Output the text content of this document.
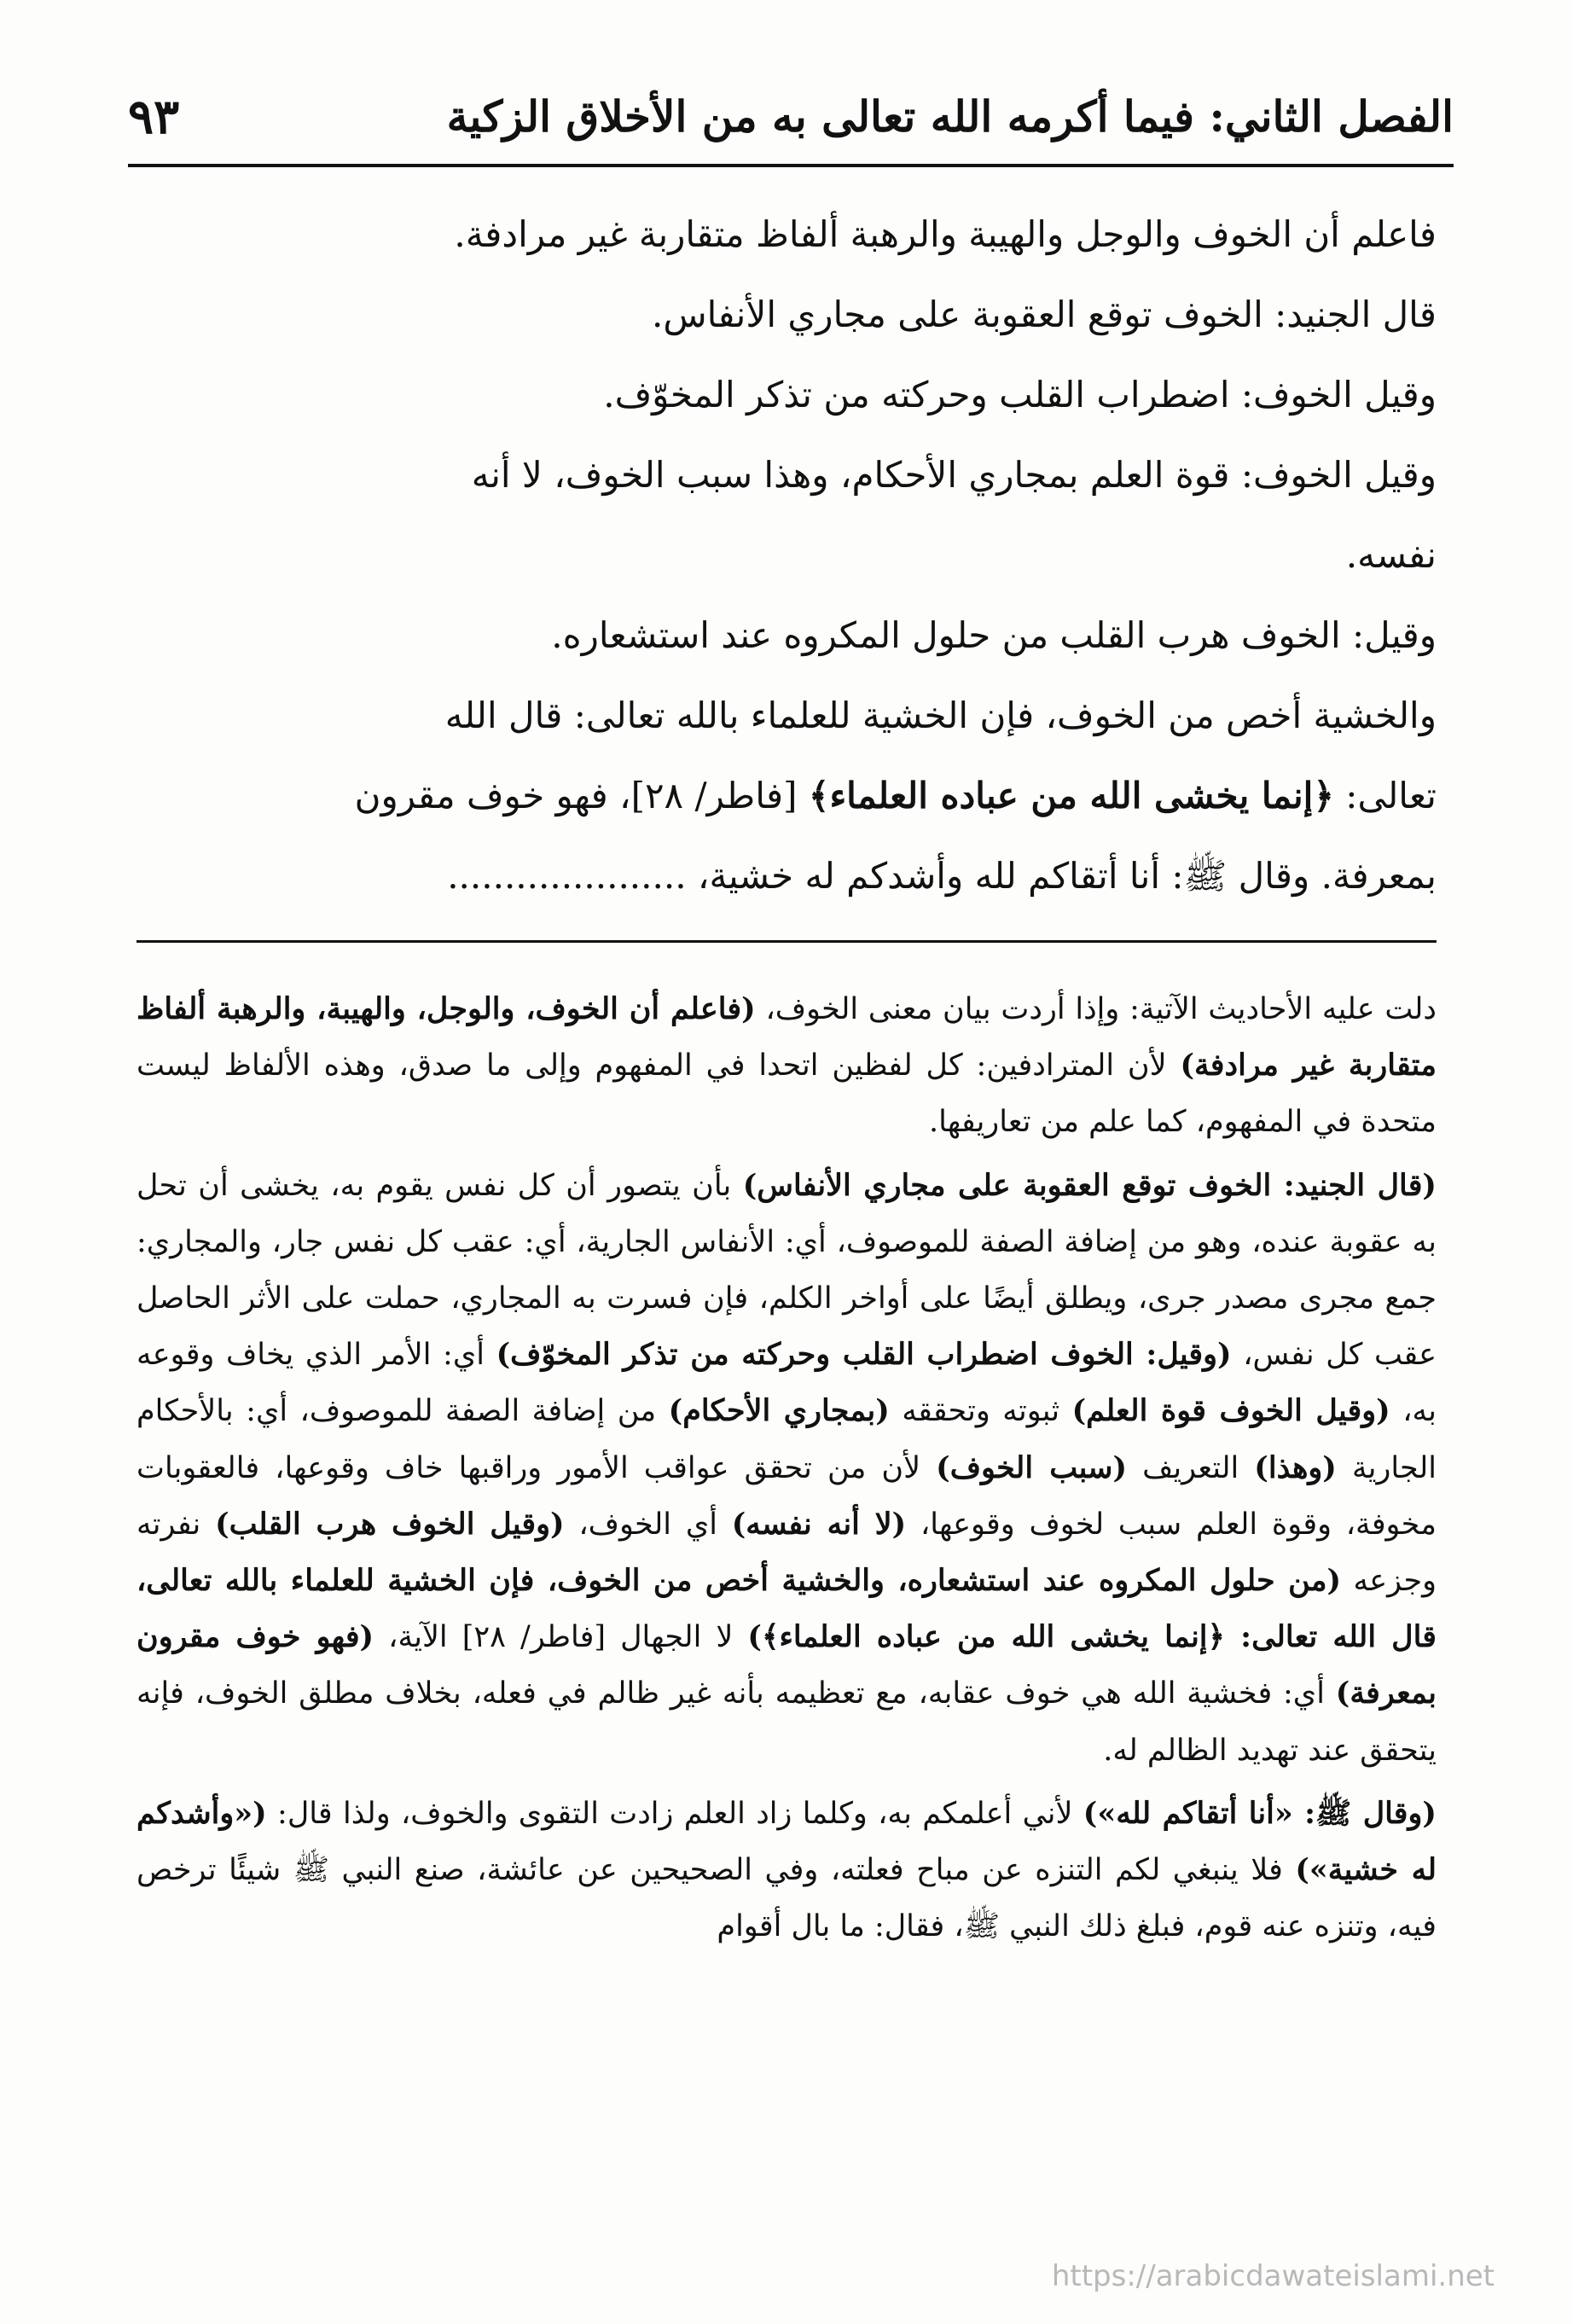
الفصل الثاني: فيما أكرمه الله تعالى به من الأخلاق الزكية
٩٣

فاعلم أن الخوف والوجل والهيبة والرهبة ألفاظ متقاربة غير مرادفة.

قال الجنيد: الخوف توقع العقوبة على مجاري الأنفاس.

وقيل الخوف: اضطراب القلب وحركته من تذكر المخوّف.

وقيل الخوف: قوة العلم بمجاري الأحكام، وهذا سبب الخوف، لا أنه

نفسه.

وقيل: الخوف هرب القلب من حلول المكروه عند استشعاره.

والخشية أخص من الخوف، فإن الخشية للعلماء بالله تعالى: قال الله

تعالى: ﴿إنما يخشى الله من عباده العلماء﴾ [فاطر/ ٢٨]، فهو خوف مقرون

بمعرفة. وقال ﷺ: أنا أتقاكم لله وأشدكم له خشية، .....................

دلت عليه الأحاديث الآتية: وإذا أردت بيان معنى الخوف، (فاعلم أن الخوف، والوجل، والهيبة، والرهبة ألفاظ متقاربة غير مرادفة) لأن المترادفين: كل لفظين اتحدا في المفهوم وإلى ما صدق، وهذه الألفاظ ليست متحدة في المفهوم، كما علم من تعاريفها.

(قال الجنيد: الخوف توقع العقوبة على مجاري الأنفاس) بأن يتصور أن كل نفس يقوم به، يخشى أن تحل به عقوبة عنده، وهو من إضافة الصفة للموصوف، أي: الأنفاس الجارية، أي: عقب كل نفس جار، والمجاري: جمع مجرى مصدر جرى، ويطلق أيضًا على أواخر الكلم، فإن فسرت به المجاري، حملت على الأثر الحاصل عقب كل نفس، (وقيل: الخوف اضطراب القلب وحركته من تذكر المخوّف) أي: الأمر الذي يخاف وقوعه به، (وقيل الخوف قوة العلم) ثبوته وتحققه (بمجاري الأحكام) من إضافة الصفة للموصوف، أي: بالأحكام الجارية (وهذا) التعريف (سبب الخوف) لأن من تحقق عواقب الأمور وراقبها خاف وقوعها، فالعقوبات مخوفة، وقوة العلم سبب لخوف وقوعها، (لا أنه نفسه) أي الخوف، (وقيل الخوف هرب القلب) نفرته وجزعه (من حلول المكروه عند استشعاره، والخشية أخص من الخوف، فإن الخشية للعلماء بالله تعالى، قال الله تعالى: ﴿إنما يخشى الله من عباده العلماء﴾) لا الجهال [فاطر/ ٢٨] الآية، (فهو خوف مقرون بمعرفة) أي: فخشية الله هي خوف عقابه، مع تعظيمه بأنه غير ظالم في فعله، بخلاف مطلق الخوف، فإنه يتحقق عند تهديد الظالم له.

(وقال ﷺ: «أنا أتقاكم لله») لأني أعلمكم به، وكلما زاد العلم زادت التقوى والخوف، ولذا قال: («وأشدكم له خشية») فلا ينبغي لكم التنزه عن مباح فعلته، وفي الصحيحين عن عائشة، صنع النبي ﷺ شيئًا ترخص فيه، وتنزه عنه قوم، فبلغ ذلك النبي ﷺ، فقال: ما بال أقوام

https://arabicdawateislami.net
